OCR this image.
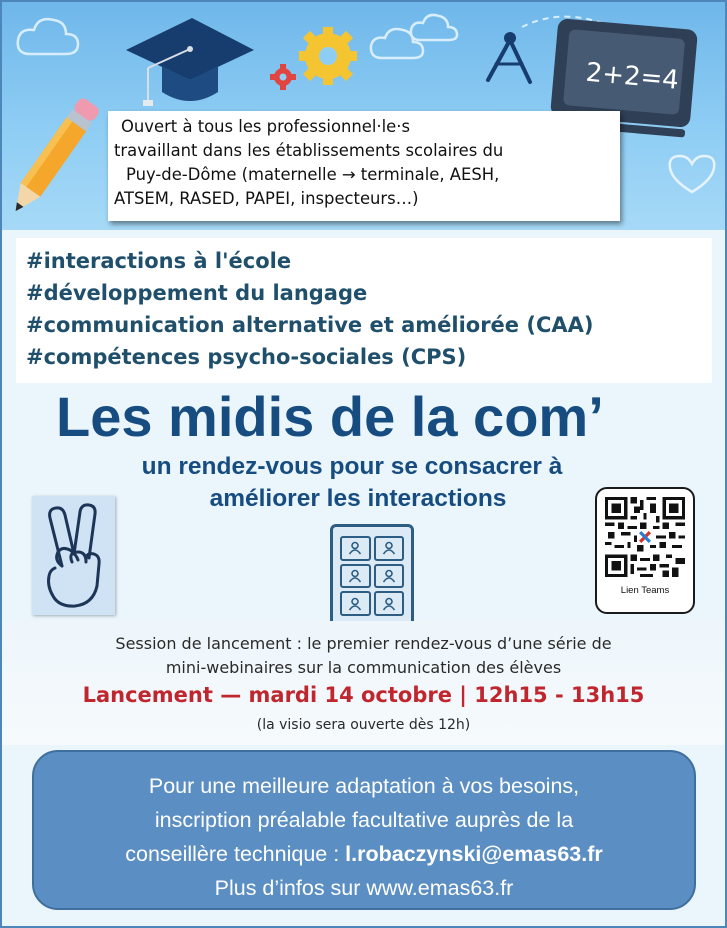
2+2=4
Ouvert à tous les professionnel·le·s
travaillant dans les établissements scolaires du
Puy-de-Dôme (maternelle → terminale, AESH,
ATSEM, RASED, PAPEI, inspecteurs…)
#interactions à l'école
#développement du langage
#communication alternative et améliorée (CAA)
#compétences psycho-sociales (CPS)
Les midis de la com’
un rendez-vous pour se consacrer à
améliorer les interactions
Lien Teams
Session de lancement : le premier rendez-vous d’une série de
mini-webinaires sur la communication des élèves
Lancement — mardi 14 octobre | 12h15 - 13h15
(la visio sera ouverte dès 12h)
Pour une meilleure adaptation à vos besoins,
inscription préalable facultative auprès de la
conseillère technique : l.robaczynski@emas63.fr
Plus d’infos sur www.emas63.fr
